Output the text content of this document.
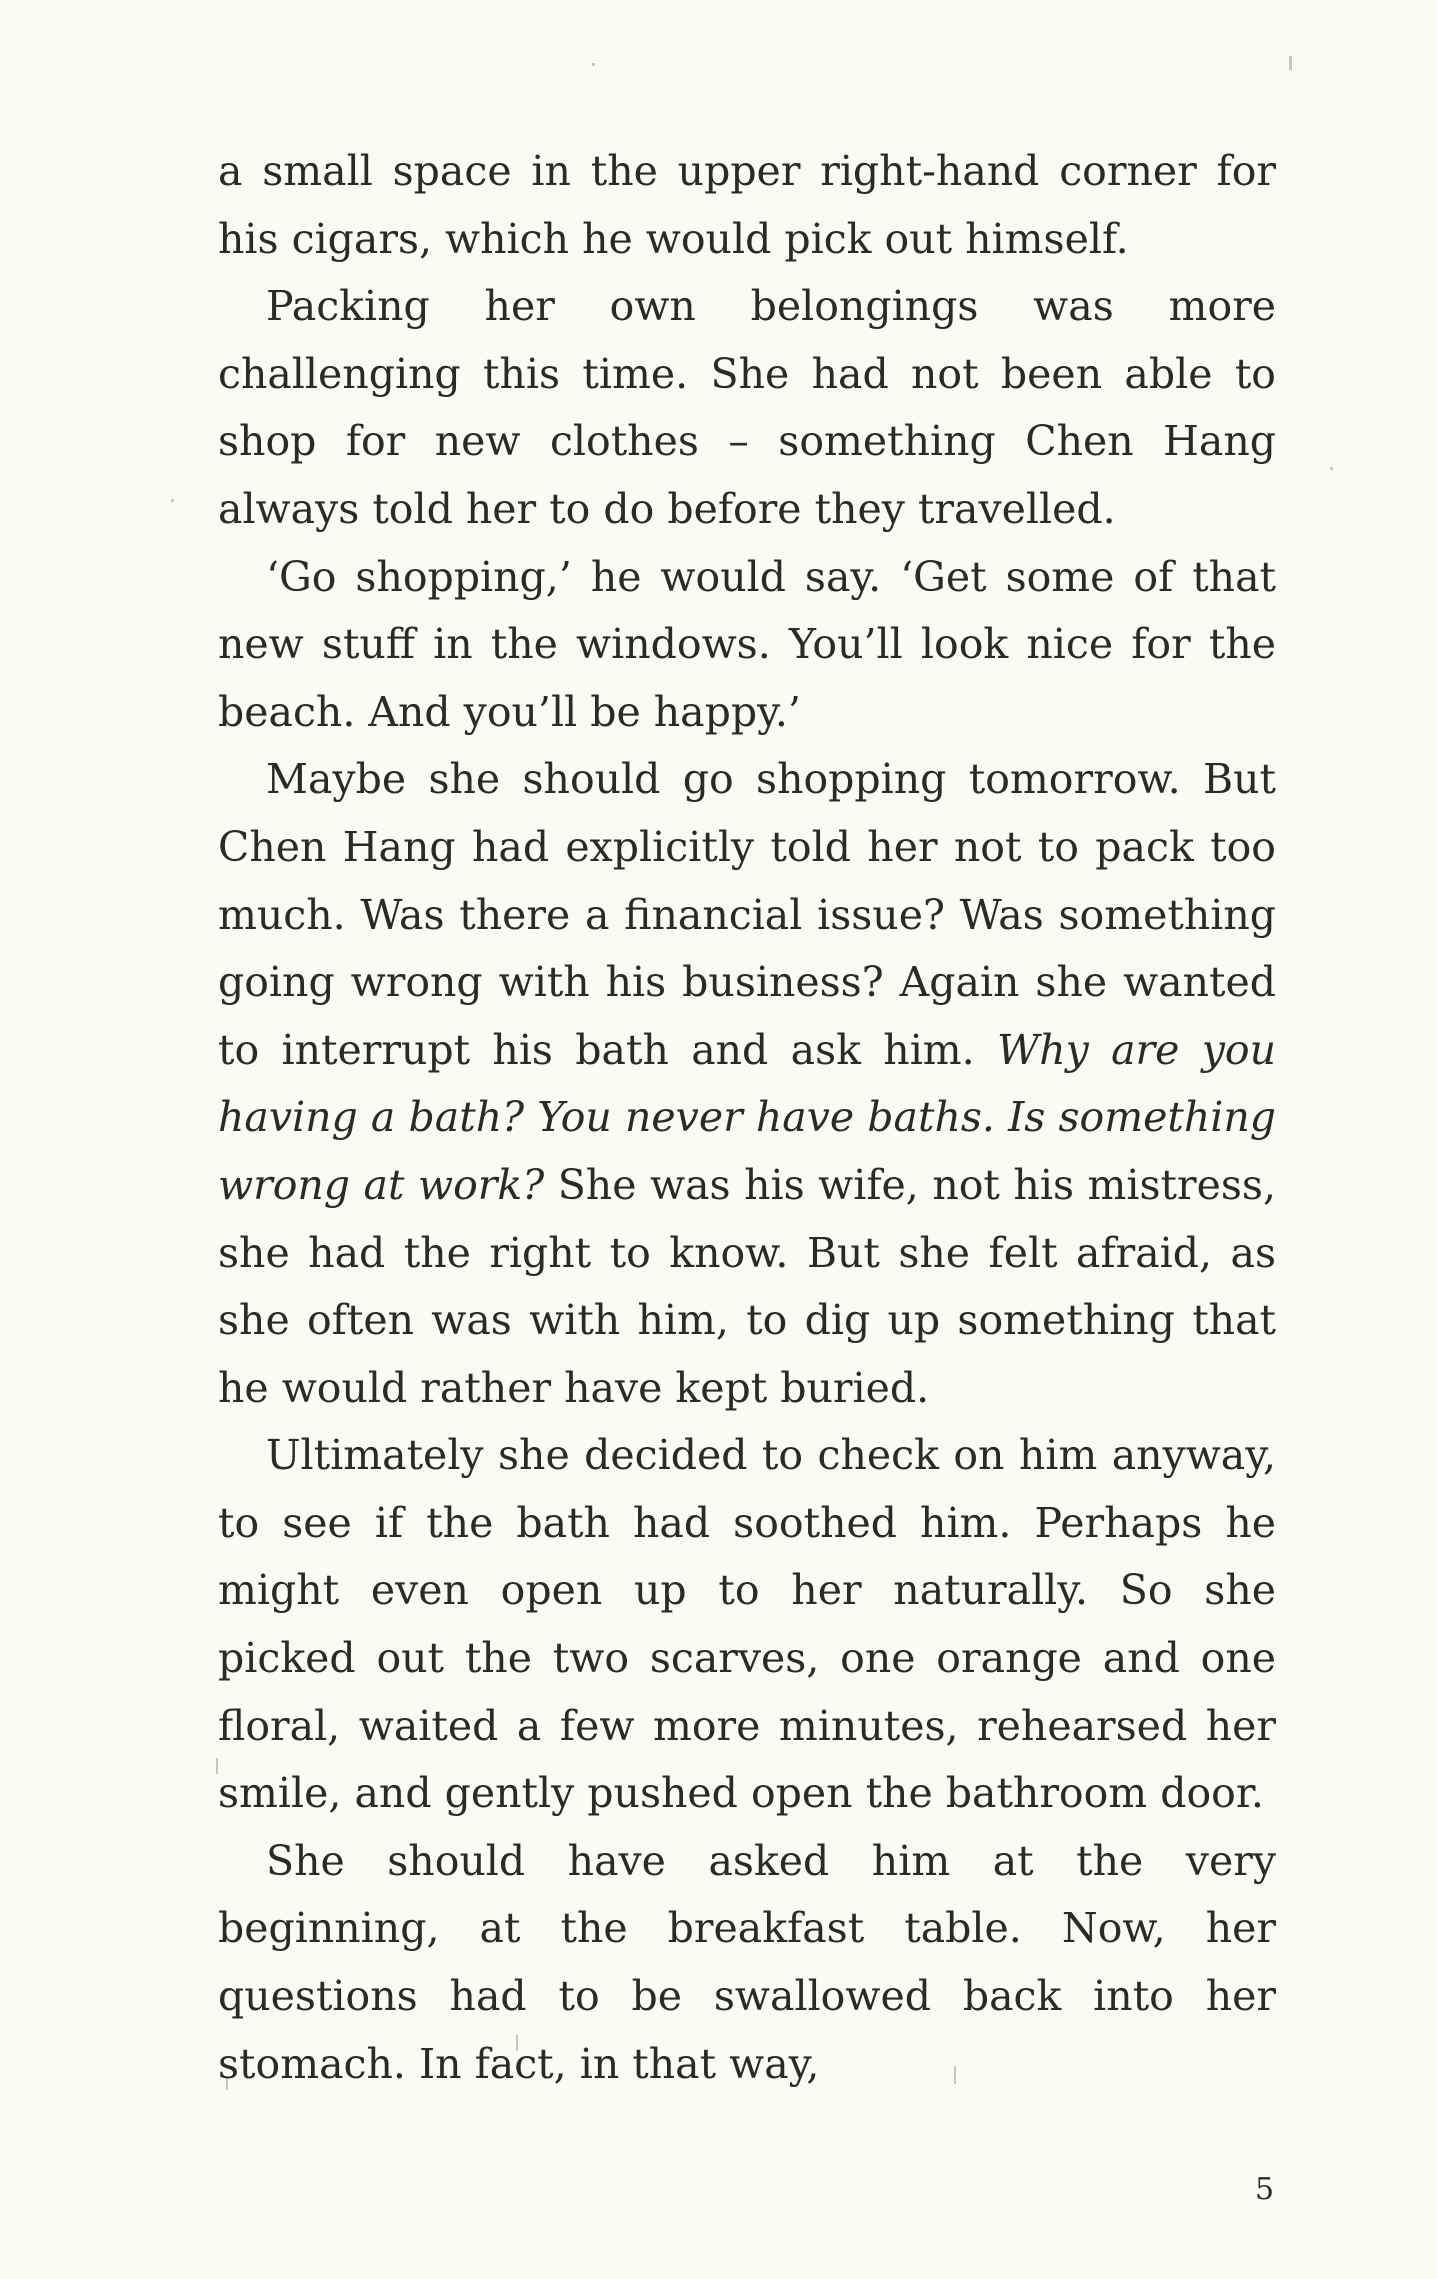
a small space in the upper right-hand corner for his cigars, which he would pick out himself.

Packing her own belongings was more challenging this time. She had not been able to shop for new clothes – something Chen Hang always told her to do before they travelled.

‘Go shopping,’ he would say. ‘Get some of that new stuff in the windows. You’ll look nice for the beach. And you’ll be happy.’

Maybe she should go shopping tomorrow. But Chen Hang had explicitly told her not to pack too much. Was there a financial issue? Was something going wrong with his business? Again she wanted to interrupt his bath and ask him. Why are you having a bath? You never have baths. Is something wrong at work? She was his wife, not his mistress, she had the right to know. But she felt afraid, as she often was with him, to dig up something that he would rather have kept buried.

Ultimately she decided to check on him anyway, to see if the bath had soothed him. Perhaps he might even open up to her naturally. So she picked out the two scarves, one orange and one floral, waited a few more minutes, rehearsed her smile, and gently pushed open the bathroom door.

She should have asked him at the very beginning, at the breakfast table. Now, her questions had to be swallowed back into her stomach. In fact, in that way,

5
